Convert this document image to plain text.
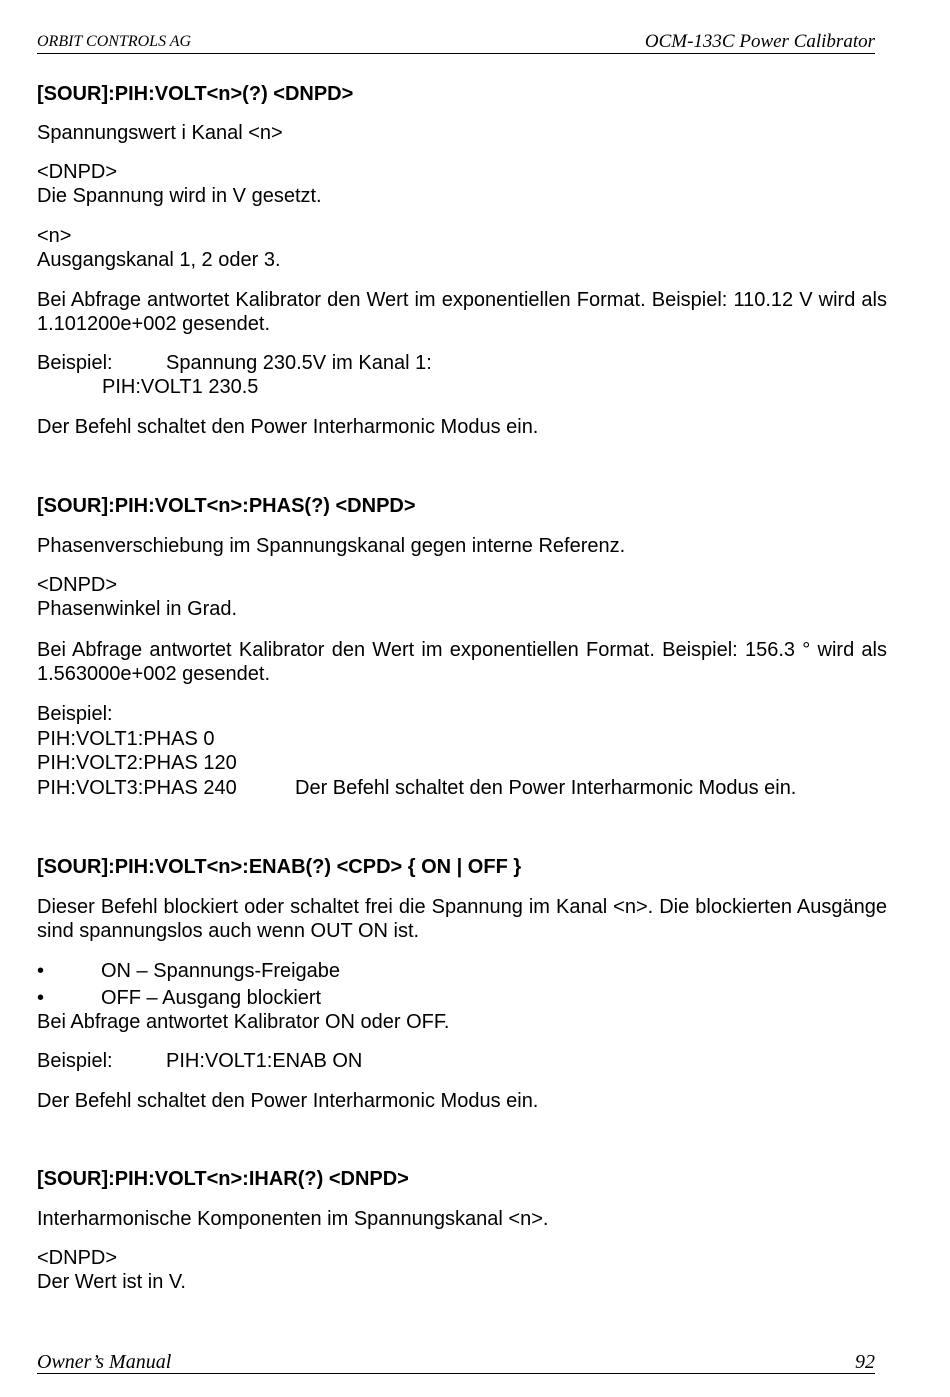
ORBIT CONTROLS AG	OCM-133C Power Calibrator

[SOUR]:PIH:VOLT<n>(?) <DNPD>

Spannungswert i Kanal <n>

<DNPD>

Die Spannung wird in V gesetzt.

<n>

Ausgangskanal 1, 2 oder 3.

Bei Abfrage antwortet Kalibrator den Wert im exponentiellen Format. Beispiel: 110.12 V wird als 1.101200e+002 gesendet.

Beispiel:	Spannung 230.5V im Kanal 1:

PIH:VOLT1 230.5

Der Befehl schaltet den Power Interharmonic Modus ein.

[SOUR]:PIH:VOLT<n>:PHAS(?) <DNPD>

Phasenverschiebung im Spannungskanal gegen interne Referenz.

<DNPD>

Phasenwinkel in Grad.

Bei Abfrage antwortet Kalibrator den Wert im exponentiellen Format. Beispiel: 156.3 ° wird als 1.563000e+002 gesendet.

Beispiel:

PIH:VOLT1:PHAS 0

PIH:VOLT2:PHAS 120

PIH:VOLT3:PHAS 240	Der Befehl schaltet den Power Interharmonic Modus ein.

[SOUR]:PIH:VOLT<n>:ENAB(?) <CPD> { ON | OFF }

Dieser Befehl blockiert oder schaltet frei die Spannung im Kanal <n>. Die blockierten Ausgänge sind spannungslos auch wenn OUT ON ist.

•	ON – Spannungs-Freigabe

•	OFF – Ausgang blockiert

Bei Abfrage antwortet Kalibrator ON oder OFF.

Beispiel:	PIH:VOLT1:ENAB ON

Der Befehl schaltet den Power Interharmonic Modus ein.

[SOUR]:PIH:VOLT<n>:IHAR(?) <DNPD>

Interharmonische Komponenten im Spannungskanal <n>.

<DNPD>

Der Wert ist in V.

Owner’s Manual	92
